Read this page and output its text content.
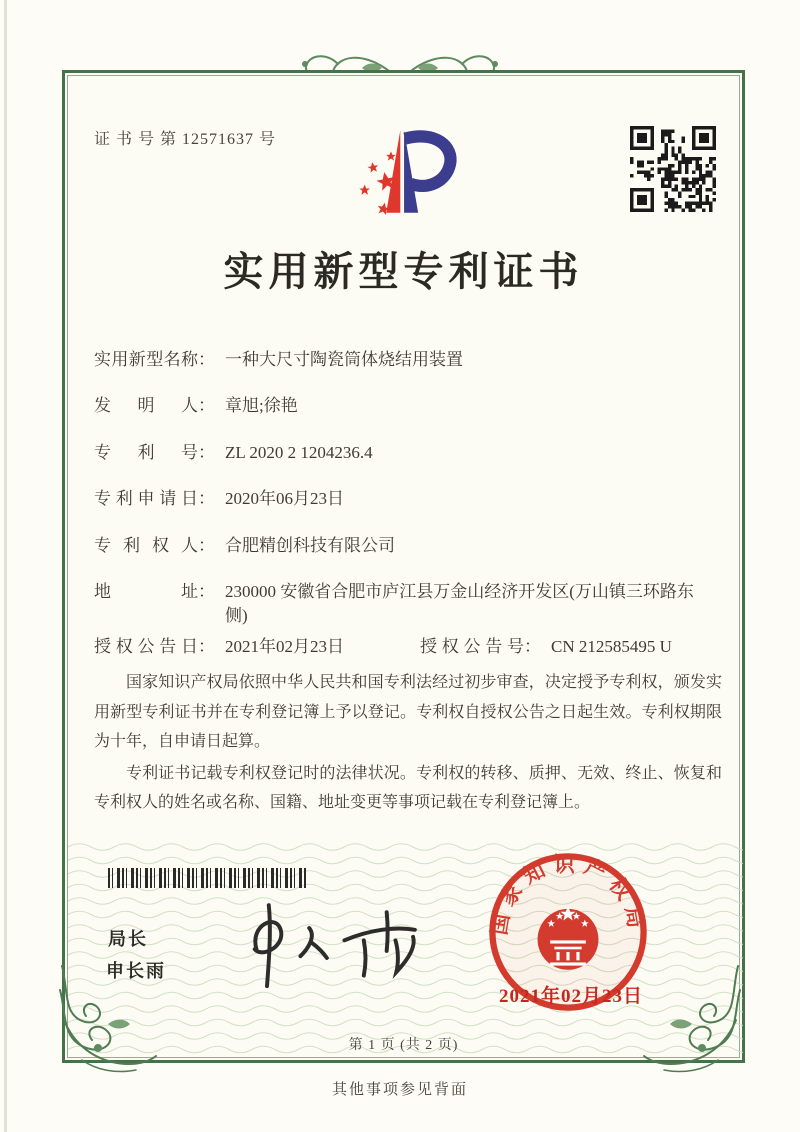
证 书 号 第 12571637 号
实用新型专利证书
实用新型名称 ： 一种大尺寸陶瓷筒体烧结用装置
发明人 ： 章旭;徐艳
专利号 ： ZL 2020 2 1204236.4
专利申请日 ： 2020年06月23日
专利权人 ： 合肥精创科技有限公司
地址 ： 230000 安徽省合肥市庐江县万金山经济开发区(万山镇三环路东侧)
授权公告日 ： 2021年02月23日	授权公告号 ： CN 212585495 U

国家知识产权局依照中华人民共和国专利法经过初步审查，决定授予专利权，颁发实用新型专利证书并在专利登记簿上予以登记。专利权自授权公告之日起生效。专利权期限为十年，自申请日起算。

专利证书记载专利权登记时的法律状况。专利权的转移、质押、无效、终止、恢复和专利权人的姓名或名称、国籍、地址变更等事项记载在专利登记簿上。

局长
申长雨
国家知识产权局
2021年02月23日
第 1 页 (共 2 页)
其他事项参见背面
